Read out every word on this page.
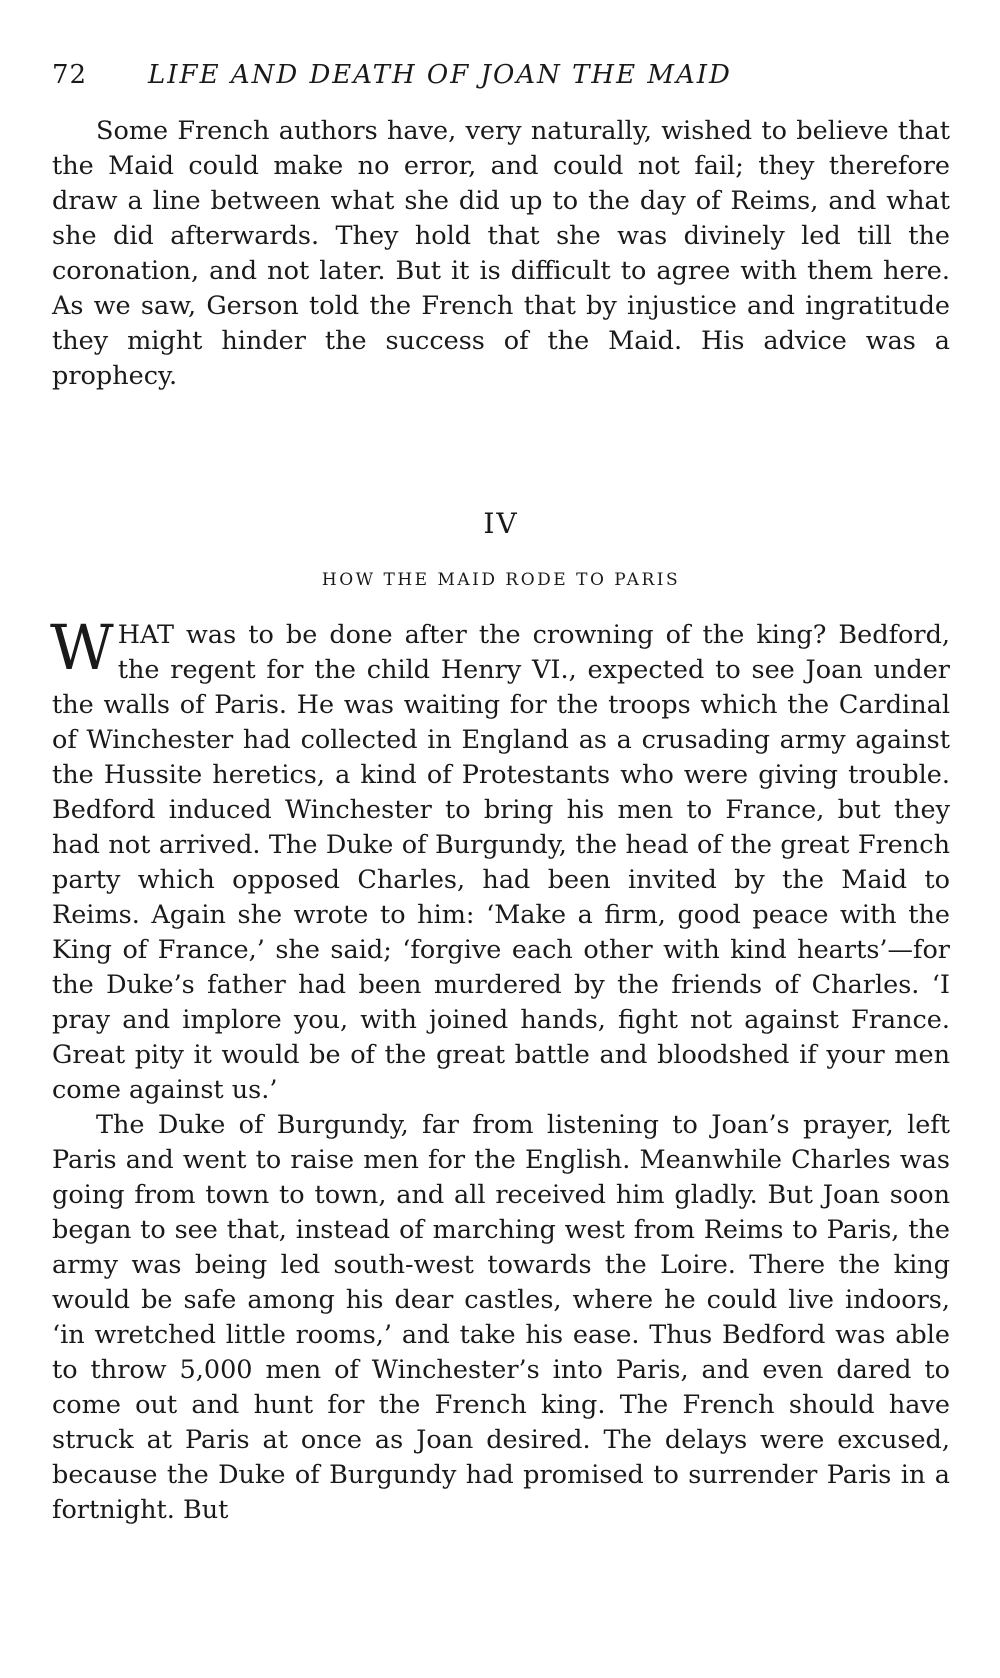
72	LIFE AND DEATH OF JOAN THE MAID

Some French authors have, very naturally, wished to believe that the Maid could make no error, and could not fail; they therefore draw a line between what she did up to the day of Reims, and what she did afterwards. They hold that she was divinely led till the coronation, and not later. But it is difficult to agree with them here. As we saw, Gerson told the French that by injustice and ingratitude they might hinder the success of the Maid. His advice was a prophecy.

IV
HOW THE MAID RODE TO PARIS

WHAT was to be done after the crowning of the king? Bedford, the regent for the child Henry VI., expected to see Joan under the walls of Paris. He was waiting for the troops which the Cardinal of Winchester had collected in England as a crusading army against the Hussite heretics, a kind of Protestants who were giving trouble. Bedford induced Winchester to bring his men to France, but they had not arrived. The Duke of Burgundy, the head of the great French party which opposed Charles, had been invited by the Maid to Reims. Again she wrote to him: ‘Make a firm, good peace with the King of France,’ she said; ‘forgive each other with kind hearts’—for the Duke’s father had been murdered by the friends of Charles. ‘I pray and implore you, with joined hands, fight not against France. Great pity it would be of the great battle and bloodshed if your men come against us.’

The Duke of Burgundy, far from listening to Joan’s prayer, left Paris and went to raise men for the English. Meanwhile Charles was going from town to town, and all received him gladly. But Joan soon began to see that, instead of marching west from Reims to Paris, the army was being led south-west towards the Loire. There the king would be safe among his dear castles, where he could live indoors, ‘in wretched little rooms,’ and take his ease. Thus Bedford was able to throw 5,000 men of Winchester’s into Paris, and even dared to come out and hunt for the French king. The French should have struck at Paris at once as Joan desired. The delays were excused, because the Duke of Burgundy had promised to surrender Paris in a fortnight. But
